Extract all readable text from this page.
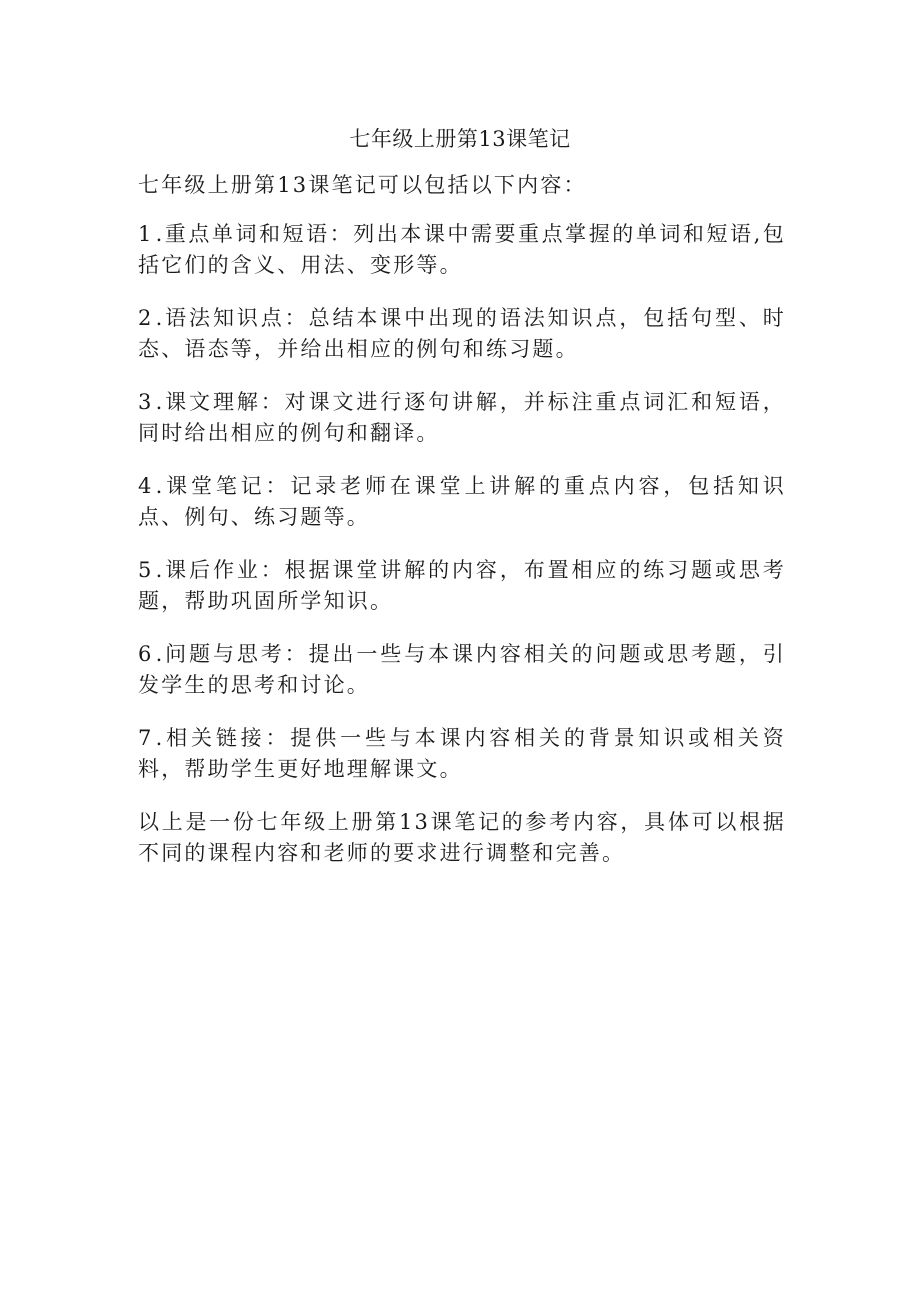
七年级上册第13课笔记

七年级上册第13课笔记可以包括以下内容：

1.重点单词和短语：列出本课中需要重点掌握的单词和短语,包括它们的含义、用法、变形等。

2.语法知识点：总结本课中出现的语法知识点，包括句型、时态、语态等，并给出相应的例句和练习题。

3.课文理解：对课文进行逐句讲解，并标注重点词汇和短语，同时给出相应的例句和翻译。

4.课堂笔记：记录老师在课堂上讲解的重点内容，包括知识点、例句、练习题等。

5.课后作业：根据课堂讲解的内容，布置相应的练习题或思考题，帮助巩固所学知识。

6.问题与思考：提出一些与本课内容相关的问题或思考题，引发学生的思考和讨论。

7.相关链接：提供一些与本课内容相关的背景知识或相关资料，帮助学生更好地理解课文。

以上是一份七年级上册第13课笔记的参考内容，具体可以根据不同的课程内容和老师的要求进行调整和完善。
